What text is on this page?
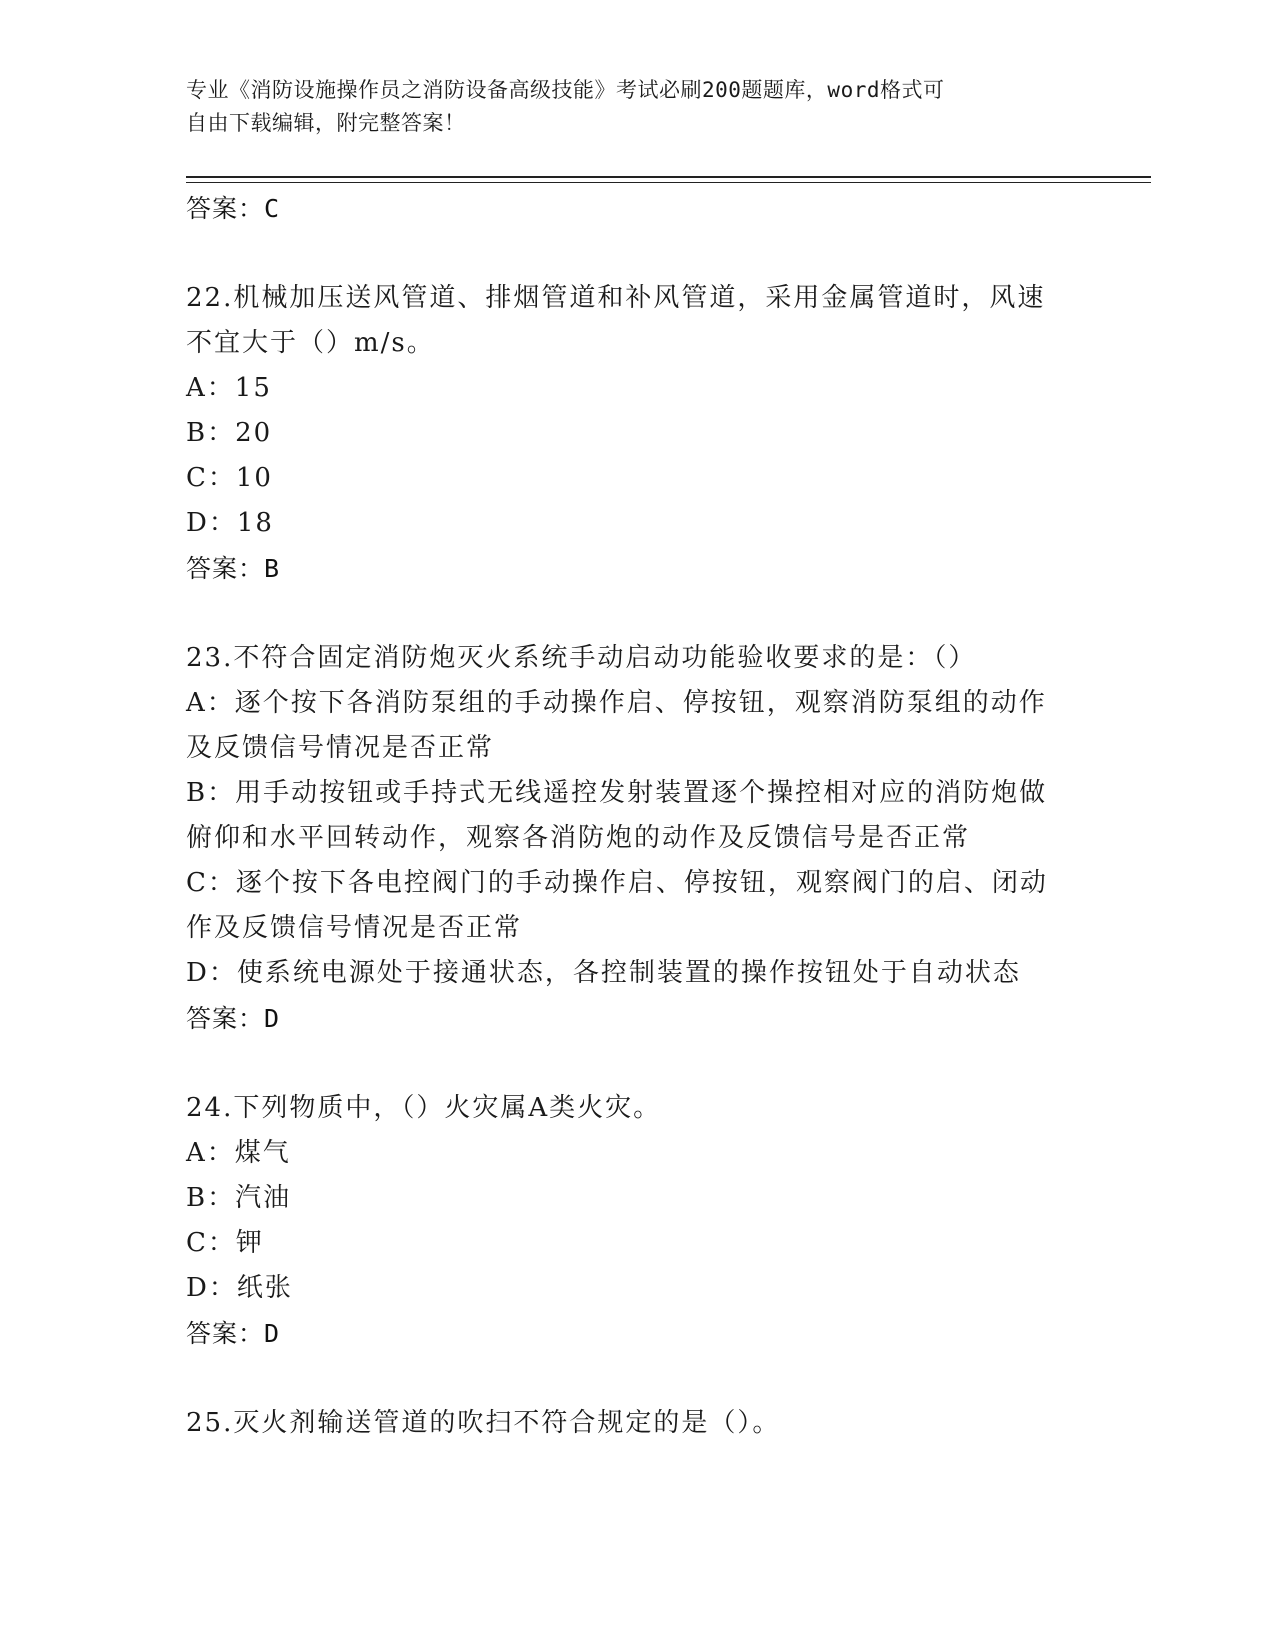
专业《消防设施操作员之消防设备高级技能》考试必刷200题题库，word格式可
自由下载编辑，附完整答案！
答案：C
22.机械加压送风管道、排烟管道和补风管道，采用金属管道时，风速
不宜大于（）m/s。
A：15
B：20
C：10
D：18
答案：B
23.不符合固定消防炮灭火系统手动启动功能验收要求的是：（）
A：逐个按下各消防泵组的手动操作启、停按钮，观察消防泵组的动作
及反馈信号情况是否正常
B：用手动按钮或手持式无线遥控发射装置逐个操控相对应的消防炮做
俯仰和水平回转动作，观察各消防炮的动作及反馈信号是否正常
C：逐个按下各电控阀门的手动操作启、停按钮，观察阀门的启、闭动
作及反馈信号情况是否正常
D：使系统电源处于接通状态，各控制装置的操作按钮处于自动状态
答案：D
24.下列物质中，（）火灾属A类火灾。
A：煤气
B：汽油
C：钾
D：纸张
答案：D
25.灭火剂输送管道的吹扫不符合规定的是（）。
